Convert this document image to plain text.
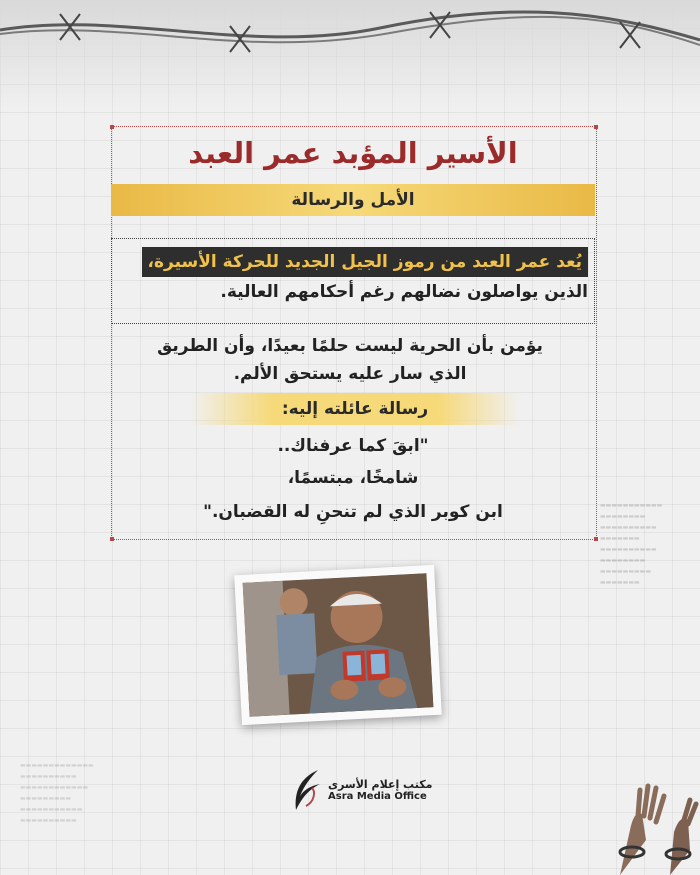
▬▬▬▬▬▬▬▬▬▬▬
▬▬▬▬▬▬▬▬
▬▬▬▬▬▬▬▬▬▬
▬▬▬▬▬▬▬
▬▬▬▬▬▬▬▬▬▬
▬▬▬▬▬▬▬▬
▬▬▬▬▬▬▬▬▬
▬▬▬▬▬▬▬
▬▬▬▬▬▬▬▬▬▬▬▬▬
▬▬▬▬▬▬▬▬▬▬
▬▬▬▬▬▬▬▬▬▬▬▬
▬▬▬▬▬▬▬▬▬
▬▬▬▬▬▬▬▬▬▬▬
▬▬▬▬▬▬▬▬▬▬
الأسير المؤبد عمر العبد
الأمل والرسالة
يُعد عمر العبد من رموز الجيل الجديد للحركة الأسيرة،
الذين يواصلون نضالهم رغم أحكامهم العالية.
يؤمن بأن الحرية ليست حلمًا بعيدًا، وأن الطريق
الذي سار عليه يستحق الألم.
رسالة عائلته إليه:
"ابقَ كما عرفناك..
شامخًا، مبتسمًا،
ابن كوبر الذي لم تنحنِ له القضبان."
مكتب إعلام الأسرى
Asra Media Office
